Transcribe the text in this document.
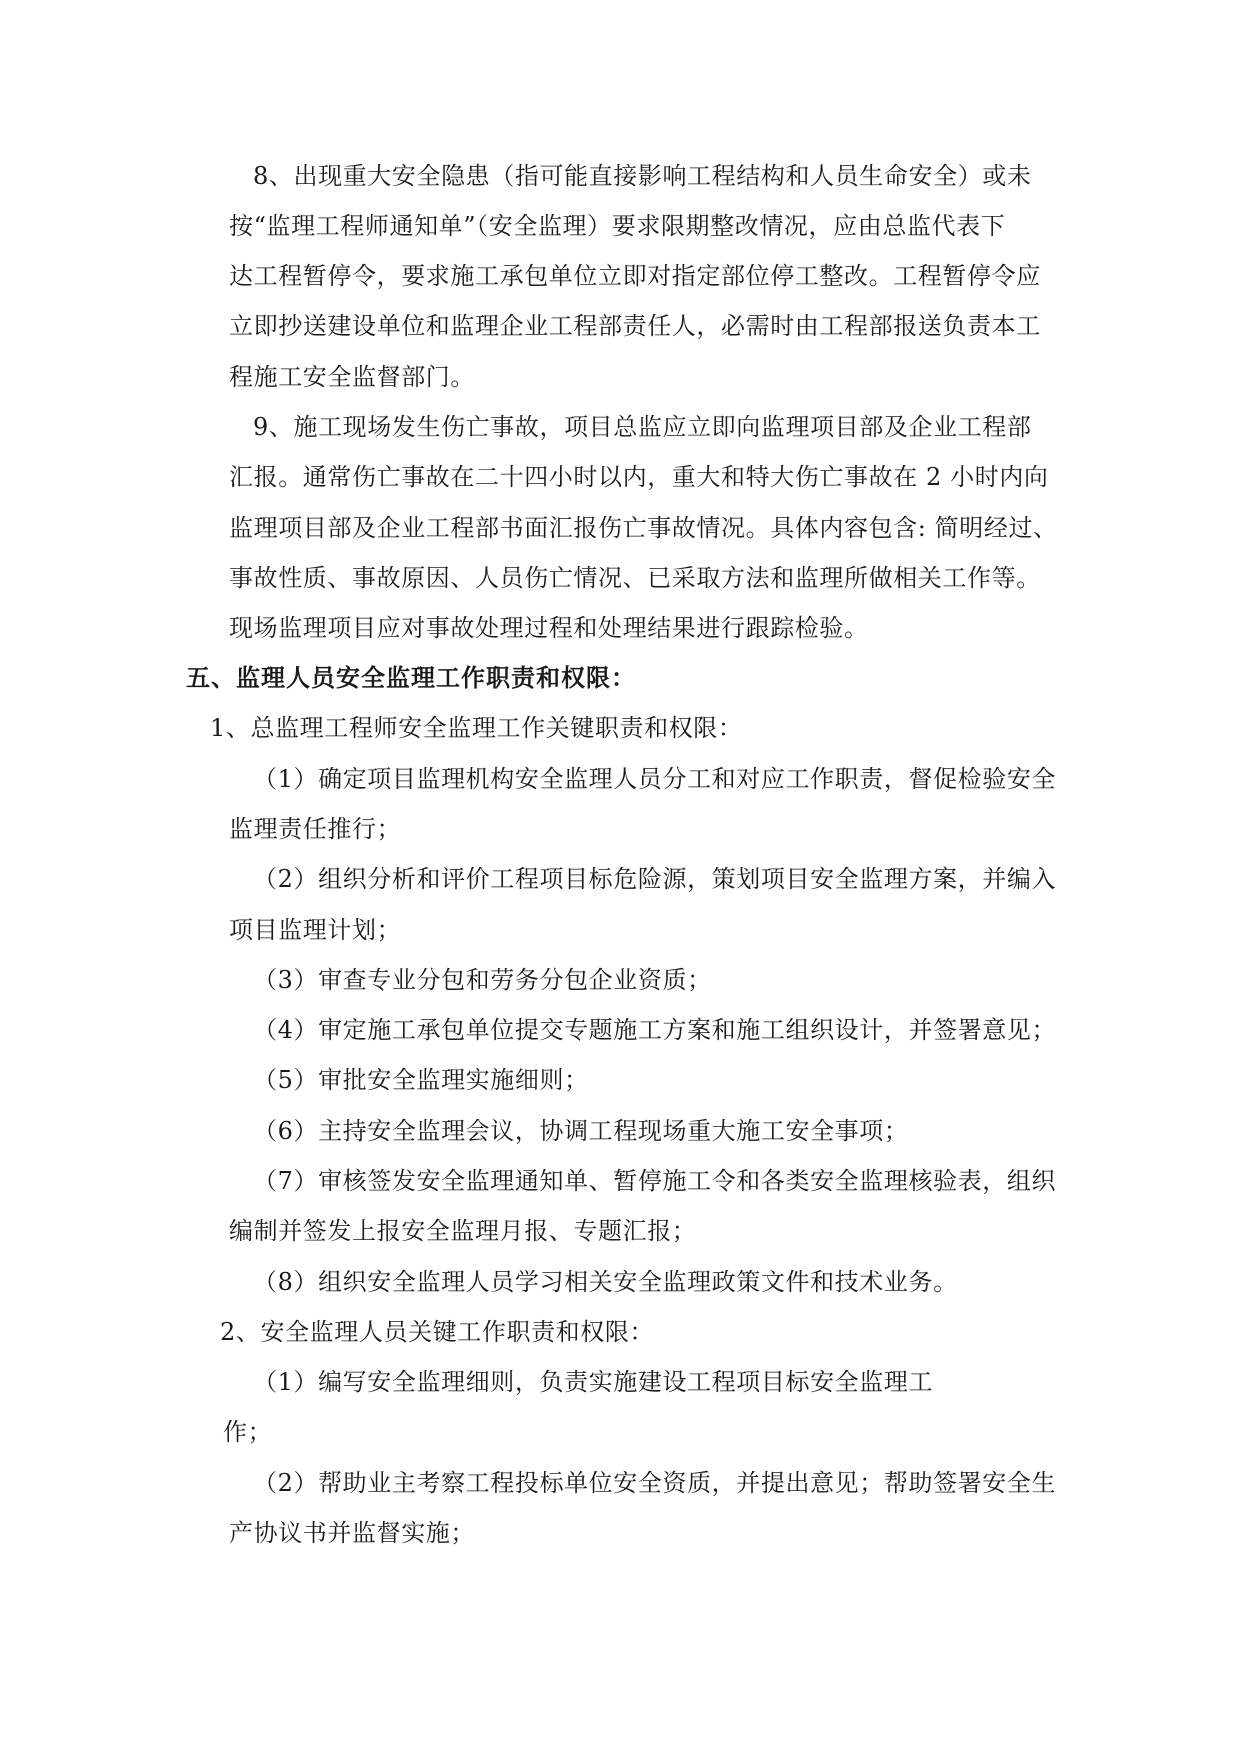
8、出现重大安全隐患（指可能直接影响工程结构和人员生命安全）或未
按“监理工程师通知单”（安全监理）要求限期整改情况，应由总监代表下
达工程暂停令，要求施工承包单位立即对指定部位停工整改。工程暂停令应
立即抄送建设单位和监理企业工程部责任人，必需时由工程部报送负责本工
程施工安全监督部门。
9、施工现场发生伤亡事故，项目总监应立即向监理项目部及企业工程部
汇报。通常伤亡事故在二十四小时以内，重大和特大伤亡事故在 2 小时内向
监理项目部及企业工程部书面汇报伤亡事故情况。具体内容包含: 简明经过、
事故性质、事故原因、人员伤亡情况、已采取方法和监理所做相关工作等。
现场监理项目应对事故处理过程和处理结果进行跟踪检验。
五、监理人员安全监理工作职责和权限：
1、总监理工程师安全监理工作关键职责和权限：
（1）确定项目监理机构安全监理人员分工和对应工作职责，督促检验安全
监理责任推行；
（2）组织分析和评价工程项目标危险源，策划项目安全监理方案，并编入
项目监理计划；
（3）审查专业分包和劳务分包企业资质；
（4）审定施工承包单位提交专题施工方案和施工组织设计，并签署意见；
（5）审批安全监理实施细则；
（6）主持安全监理会议，协调工程现场重大施工安全事项；
（7）审核签发安全监理通知单、暂停施工令和各类安全监理核验表，组织
编制并签发上报安全监理月报、专题汇报；
（8）组织安全监理人员学习相关安全监理政策文件和技术业务。
2、安全监理人员关键工作职责和权限：
（1）编写安全监理细则，负责实施建设工程项目标安全监理工
作；
（2）帮助业主考察工程投标单位安全资质，并提出意见；帮助签署安全生
产协议书并监督实施；
